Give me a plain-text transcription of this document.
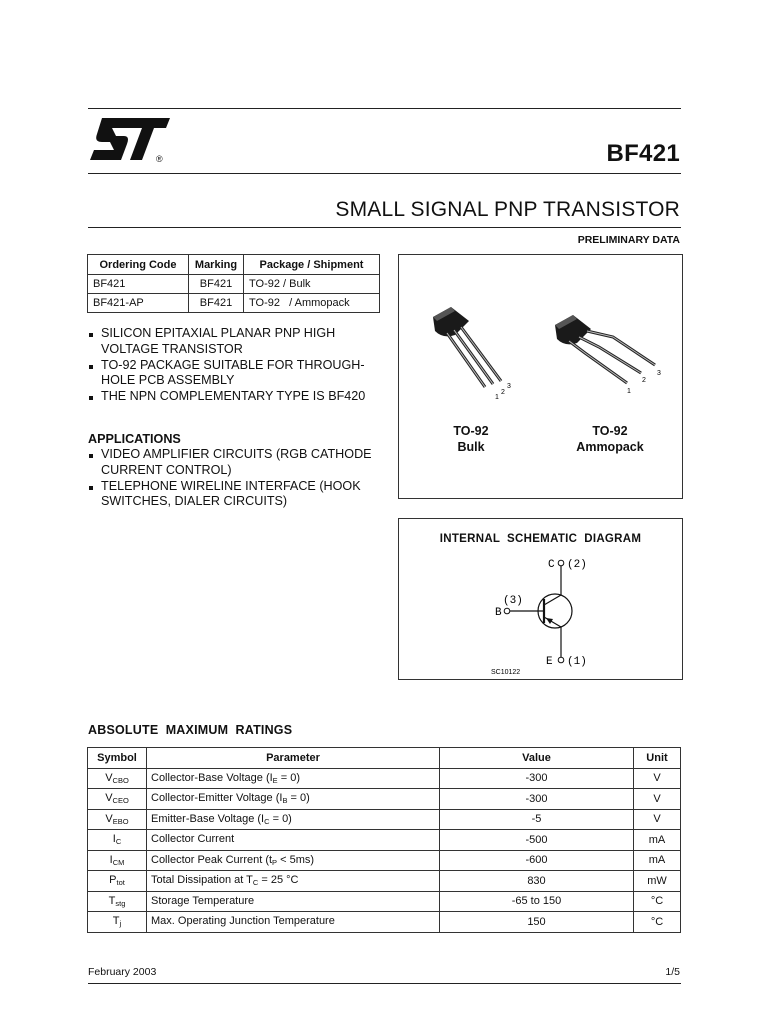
®	BF421
SMALL SIGNAL PNP TRANSISTOR
PRELIMINARY DATA
Ordering Code	Marking	Package / Shipment
BF421	BF421	TO-92 / Bulk
BF421-AP	BF421	TO-92   / Ammopack
SILICON EPITAXIAL PLANAR PNP HIGH VOLTAGE TRANSISTOR
TO-92 PACKAGE SUITABLE FOR THROUGH-HOLE PCB ASSEMBLY
THE NPN COMPLEMENTARY TYPE IS BF420
APPLICATIONS
VIDEO AMPLIFIER CIRCUITS (RGB CATHODE CURRENT CONTROL)
TELEPHONE WIRELINE INTERFACE (HOOK SWITCHES, DIALER CIRCUITS)
1
2
3
1
2
3
TO-92
Bulk
TO-92
Ammopack
INTERNAL  SCHEMATIC  DIAGRAM
C (2)
B
(3)
E (1)
SC10122
ABSOLUTE  MAXIMUM  RATINGS
Symbol	Parameter	Value	Unit
$V_{CBO}$	Collector-Base Voltage $(I_E = 0)$	-300	V
$V_{CEO}$	Collector-Emitter Voltage $(I_B = 0)$	-300	V
$V_{EBO}$	Emitter-Base Voltage $(I_C = 0)$	-5	V
$I_C$	Collector Current	-500	mA
$I_{CM}$	Collector Peak Current $(t_P < 5ms)$	-600	mA
$P_{tot}$	Total Dissipation at $T_C = 25$ °C	830	mW
$T_{stg}$	Storage Temperature	-65 to 150	°C
$T_j$	Max. Operating Junction Temperature	150	°C
February 2003	1/5
